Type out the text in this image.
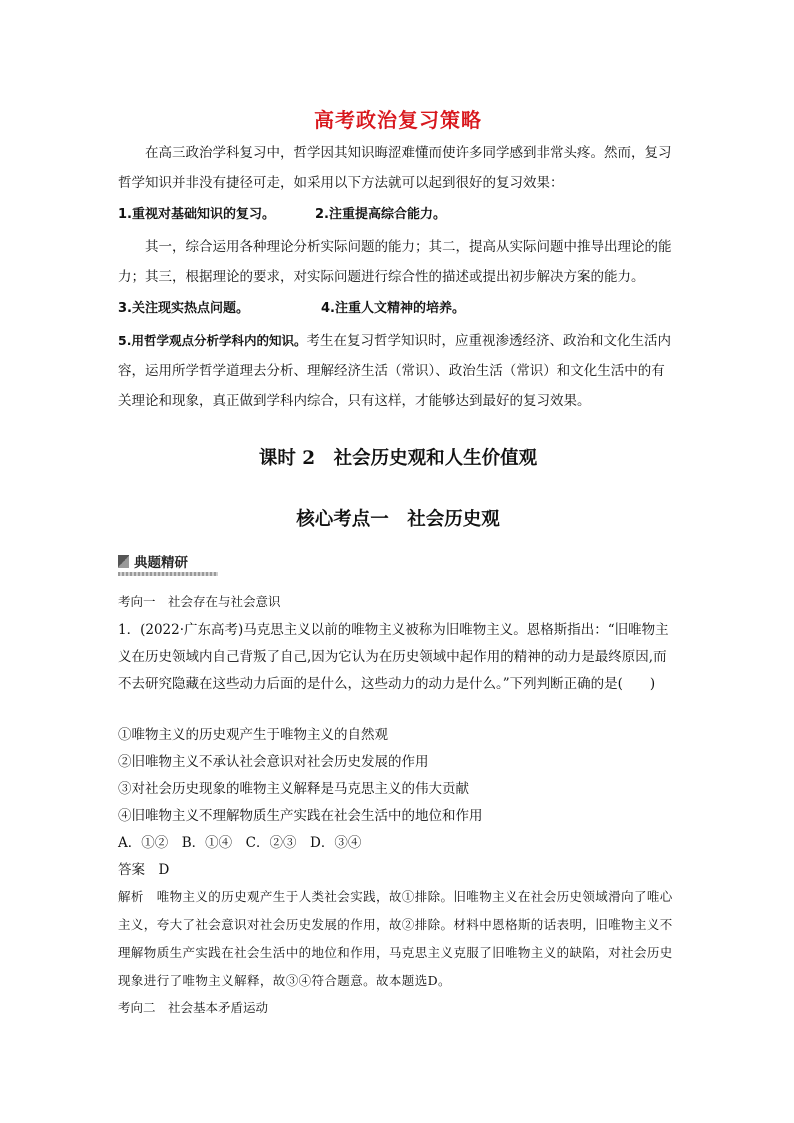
高考政治复习策略
在高三政治学科复习中，哲学因其知识晦涩难懂而使许多同学感到非常头疼。然而，复习哲学知识并非没有捷径可走，如采用以下方法就可以起到很好的复习效果：
1.重视对基础知识的复习。	2.注重提高综合能力。
其一，综合运用各种理论分析实际问题的能力；其二，提高从实际问题中推导出理论的能力；其三，根据理论的要求，对实际问题进行综合性的描述或提出初步解决方案的能力。
3.关注现实热点问题。	4.注重人文精神的培养。
5.用哲学观点分析学科内的知识。考生在复习哲学知识时，应重视渗透经济、政治和文化生活内容，运用所学哲学道理去分析、理解经济生活（常识）、政治生活（常识）和文化生活中的有关理论和现象，真正做到学科内综合，只有这样，才能够达到最好的复习效果。
课时 2　社会历史观和人生价值观
核心考点一　社会历史观
典题精研
考向一　社会存在与社会意识
1．(2022·广东高考)马克思主义以前的唯物主义被称为旧唯物主义。恩格斯指出：“旧唯物主义在历史领域内自己背叛了自己,因为它认为在历史领域中起作用的精神的动力是最终原因,而不去研究隐藏在这些动力后面的是什么，这些动力的动力是什么。”下列判断正确的是(　　)
①唯物主义的历史观产生于唯物主义的自然观
②旧唯物主义不承认社会意识对社会历史发展的作用
③对社会历史现象的唯物主义解释是马克思主义的伟大贡献
④旧唯物主义不理解物质生产实践在社会生活中的地位和作用
A．①②　B．①④　C．②③　D．③④
答案　D
解析　唯物主义的历史观产生于人类社会实践，故①排除。旧唯物主义在社会历史领域滑向了唯心主义，夸大了社会意识对社会历史发展的作用，故②排除。材料中恩格斯的话表明，旧唯物主义不理解物质生产实践在社会生活中的地位和作用，马克思主义克服了旧唯物主义的缺陷，对社会历史现象进行了唯物主义解释，故③④符合题意。故本题选D。
考向二　社会基本矛盾运动
